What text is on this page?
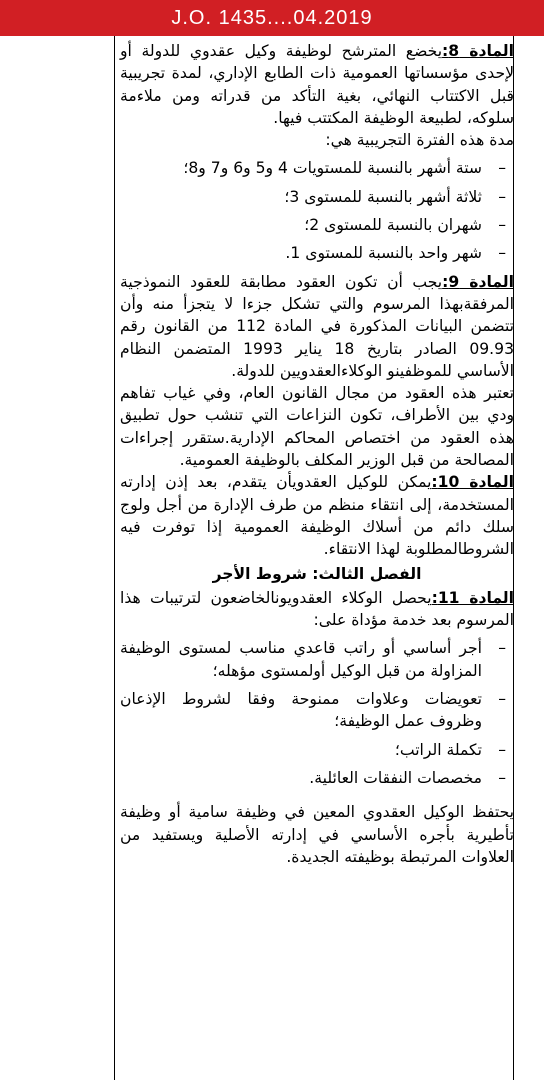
J.O. 1435....04.2019

المادة 8:يخضع المترشح لوظيفة وكيل عقدوي للدولة أو لإحدى مؤسساتها العمومية ذات الطابع الإداري، لمدة تجريبية قبل الاكتتاب النهائي، بغية التأكد من قدراته ومن ملاءمة سلوكه، لطبيعة الوظيفة المكتتب فيها.

مدة هذه الفترة التجريبية هي:

– ستة أشهر بالنسبة للمستويات 4 و5 و6 و7 و8؛
– ثلاثة أشهر بالنسبة للمستوى 3؛
– شهران بالنسبة للمستوى 2؛
– شهر واحد بالنسبة للمستوى 1.

المادة 9:يجب أن تكون العقود مطابقة للعقود النموذجية المرفقةبهذا المرسوم والتي تشكل جزءا لا يتجزأ منه وأن تتضمن البيانات المذكورة في المادة 112 من القانون رقم 09.93 الصادر بتاريخ 18 يناير 1993 المتضمن النظام الأساسي للموظفينو الوكلاءالعقدويين للدولة.

تعتبر هذه العقود من مجال القانون العام، وفي غياب تفاهم ودي بين الأطراف، تكون النزاعات التي تنشب حول تطبيق هذه العقود من اختصاص المحاكم الإدارية.ستقرر إجراءات المصالحة من قبل الوزير المكلف بالوظيفة العمومية.

المادة 10:يمكن للوكيل العقدويأن يتقدم، بعد إذن إدارته المستخدمة، إلى انتقاء منظم من طرف الإدارة من أجل ولوج سلك دائم من أسلاك الوظيفة العمومية إذا توفرت فيه الشروطالمطلوبة لهذا الانتقاء.

الفصل الثالث: شروط الأجر

المادة 11:يحصل الوكلاء العقدويونالخاضعون لترتيبات هذا المرسوم بعد خدمة مؤداة على:

– أجر أساسي أو راتب قاعدي مناسب لمستوى الوظيفة المزاولة من قبل الوكيل أولمستوى مؤهله؛
– تعويضات وعلاوات ممنوحة وفقا لشروط الإذعان وظروف عمل الوظيفة؛
– تكملة الراتب؛
– مخصصات النفقات العائلية.

يحتفظ الوكيل العقدوي المعين في وظيفة سامية أو وظيفة تأطيرية بأجره الأساسي في إدارته الأصلية ويستفيد من العلاوات المرتبطة بوظيفته الجديدة.
